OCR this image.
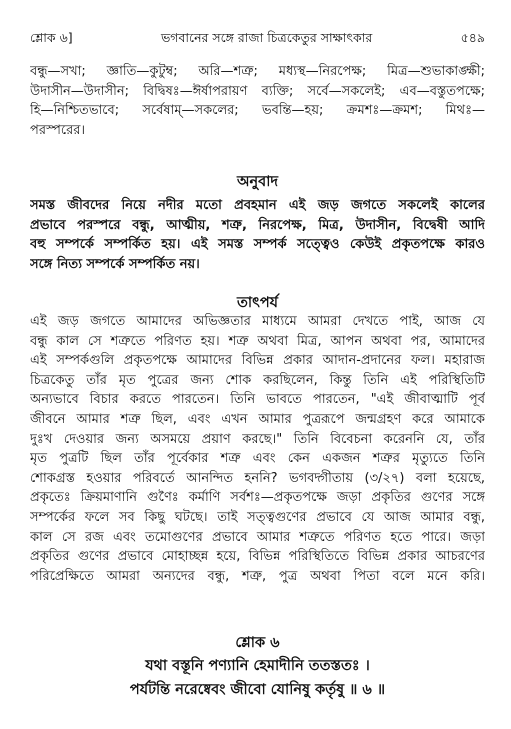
শ্লোক ৬]	ভগবানের সঙ্গে রাজা চিত্রকেতুর সাক্ষাৎকার	৫৪৯
বন্ধু—সখা; জ্ঞাতি—কুটুম্ব; অরি—শত্রু; মধ্যস্থ—নিরপেক্ষ; মিত্র—শুভাকাঙ্ক্ষী;
উদাসীন—উদাসীন; বিদ্বিষঃ—ঈর্ষাপরায়ণ ব্যক্তি; সর্বে—সকলেই; এব—বস্তুতপক্ষে;
হি—নিশ্চিতভাবে; সর্বেষাম্—সকলের; ভবন্তি—হয়; ক্রমশঃ—ক্রমশ; মিথঃ—
পরস্পরের।
অনুবাদ
সমস্ত জীবদের নিয়ে নদীর মতো প্রবহমান এই জড় জগতে সকলেই কালের
প্রভাবে পরস্পরে বন্ধু, আত্মীয়, শত্রু, নিরপেক্ষ, মিত্র, উদাসীন, বিদ্বেষী আদি
বহু সম্পর্কে সম্পর্কিত হয়। এই সমস্ত সম্পর্ক সত্ত্বেও কেউই প্রকৃতপক্ষে কারও
সঙ্গে নিত্য সম্পর্কে সম্পর্কিত নয়।
তাৎপর্য
এই জড় জগতে আমাদের অভিজ্ঞতার মাধ্যমে আমরা দেখতে পাই, আজ যে
বন্ধু কাল সে শত্রুতে পরিণত হয়। শত্রু অথবা মিত্র, আপন অথবা পর, আমাদের
এই সম্পর্কগুলি প্রকৃতপক্ষে আমাদের বিভিন্ন প্রকার আদান-প্রদানের ফল। মহারাজ
চিত্রকেতু তাঁর মৃত পুত্রের জন্য শোক করছিলেন, কিন্তু তিনি এই পরিস্থিতিটি
অন্যভাবে বিচার করতে পারতেন। তিনি ভাবতে পারতেন, "এই জীবাত্মাটি পূর্ব
জীবনে আমার শত্রু ছিল, এবং এখন আমার পুত্ররূপে জন্মগ্রহণ করে আমাকে
দুঃখ দেওয়ার জন্য অসময়ে প্রয়াণ করছে।" তিনি বিবেচনা করেননি যে, তাঁর
মৃত পুত্রটি ছিল তাঁর পূর্বেকার শত্রু এবং কেন একজন শত্রুর মৃত্যুতে তিনি
শোকগ্রস্ত হওয়ার পরিবর্তে আনন্দিত হননি? ভগবদ্গীতায় (৩/২৭) বলা হয়েছে,
প্রকৃতেঃ ক্রিয়মাণানি গুণৈঃ কর্মাণি সর্বশঃ—প্রকৃতপক্ষে জড়া প্রকৃতির গুণের সঙ্গে
সম্পর্কের ফলে সব কিছু ঘটছে। তাই সত্ত্বগুণের প্রভাবে যে আজ আমার বন্ধু,
কাল সে রজ এবং তমোগুণের প্রভাবে আমার শত্রুতে পরিণত হতে পারে। জড়া
প্রকৃতির গুণের প্রভাবে মোহাচ্ছন্ন হয়ে, বিভিন্ন পরিস্থিতিতে বিভিন্ন প্রকার আচরণের
পরিপ্রেক্ষিতে আমরা অন্যদের বন্ধু, শত্রু, পুত্র অথবা পিতা বলে মনে করি।
শ্লোক ৬
যথা বস্তূনি পণ্যানি হেমাদীনি ততস্ততঃ ।
পর্যটন্তি নরেষ্বেবং জীবো যোনিষু কর্তৃষু ॥ ৬ ॥
